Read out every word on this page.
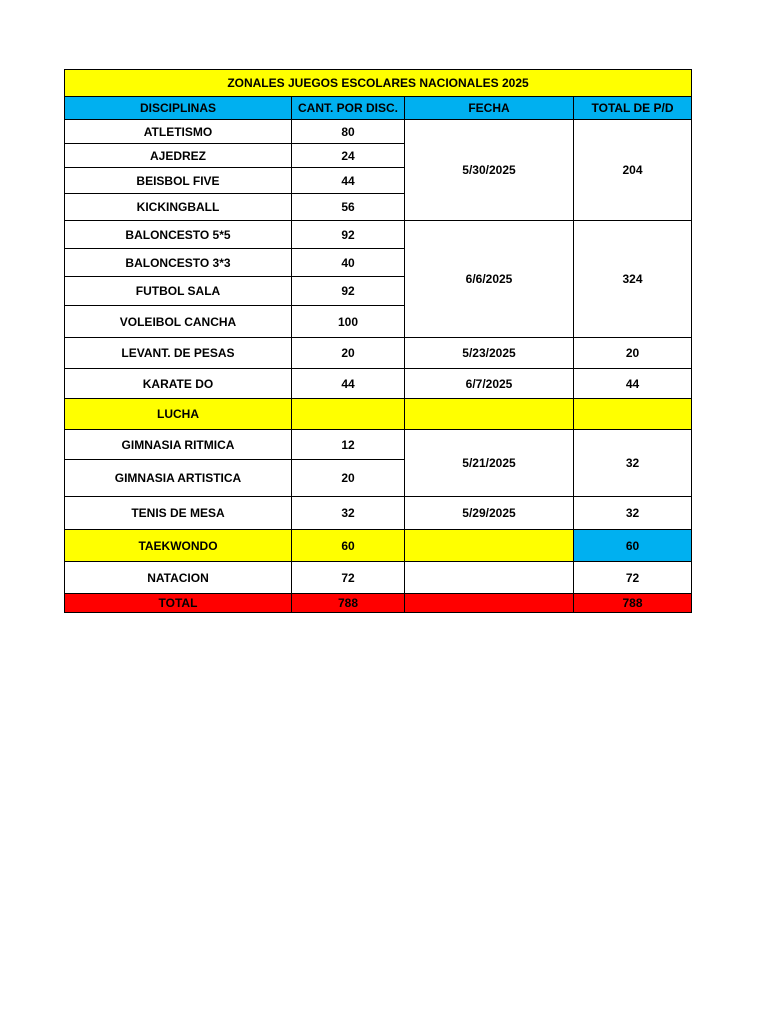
ZONALES JUEGOS ESCOLARES NACIONALES 2025			
DISCIPLINAS	CANT. POR DISC.	FECHA	TOTAL DE P/D
ATLETISMO	80	5/30/2025	204
AJEDREZ	24		
BEISBOL FIVE	44		
KICKINGBALL	56		
BALONCESTO 5*5	92	6/6/2025	324
BALONCESTO 3*3	40		
FUTBOL SALA	92		
VOLEIBOL CANCHA	100		
LEVANT. DE PESAS	20	5/23/2025	20
KARATE DO	44	6/7/2025	44
LUCHA			
GIMNASIA RITMICA	12	5/21/2025	32
GIMNASIA ARTISTICA	20		
TENIS DE MESA	32	5/29/2025	32
TAEKWONDO	60		60
NATACION	72		72
TOTAL	788		788
